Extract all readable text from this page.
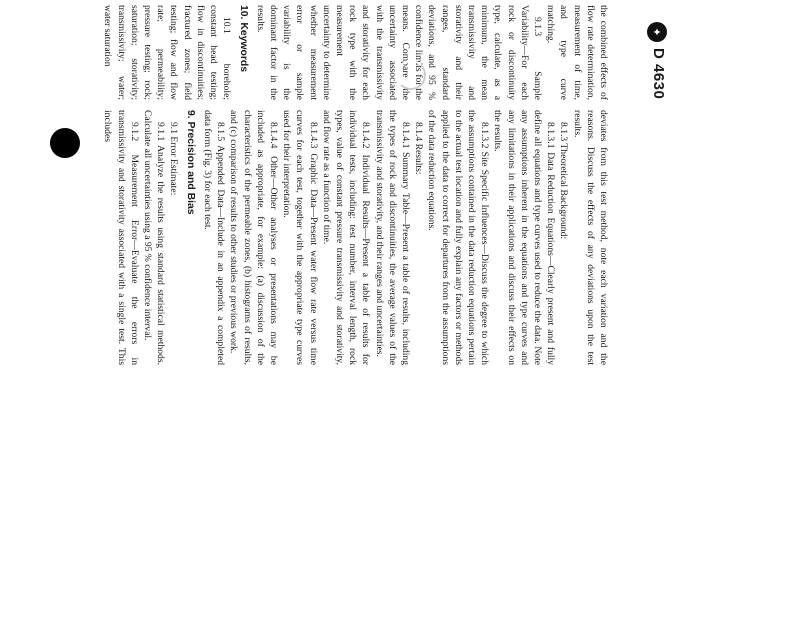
✦
D 4630

deviates from this test method, note each variation and the reasons. Discuss the effects of any deviations upon the test results.

8.1.3 Theoretical Background:

8.1.3.1 Data Reduction Equations—Clearly present and fully define all equations and type curves used to reduce the data. Note any assumptions inherent in the equations and type curves and any limitations in their applications and discuss their effects on the results.

8.1.3.2 Site Specific Influences—Discuss the degree to which the assumptions contained in the data reduction equations pertain to the actual test location and fully explain any factors or methods applied to the data to correct for departures from the assumptions of the data reduction equations.

8.1.4 Results:

8.1.4.1 Summary Table—Present a table of results, including the types of rock and discontinuities, the average values of the transmissivity and storativity, and their ranges and uncertainties.

8.1.4.2 Individual Results—Present a table of results for individual tests, including: test number, interval length, rock types, value of constant pressure transmissivity and storativity, and flow rate as a function of time.

8.1.4.3 Graphic Data—Present water flow rate versus time curves for each test, together with the appropriate type curves used for their interpretation.

8.1.4.4 Other—Other analyses or presentations may be included as appropriate, for example: (a) discussion of the characteristics of the permeable zones, (b) histograms of results, and (c) comparison of results to other studies or previous work.

8.1.5 Appended Data—Include in an appendix a completed data form (Fig. 3) for each test.

9. Precision and Bias

9.1 Error Estimate:

9.1.1 Analyze the results using standard statistical methods. Calculate all uncertainties using a 95 % confidence interval.

9.1.2 Measurement Error—Evaluate the errors in transmissivity and storativity associated with a single test. This includes

the combined effects of flow rate determination, measurement of time, and type curve matching.

9.1.3 Sample Variability—For each rock or discontinuity type, calculate, as a minimum, the mean transmissivity and storativity and their ranges, standard deviations, and 95 % confidence limits for the means. Compare the uncertainty associated with the transmissivity and storativity for each rock type with the measurement uncertainty to determine whether measurement error or sample variability is the dominant factor in the results.

10. Keywords

10.1 borehole; constant head testing; flow in discontinuities; fractured zones; field testing; flow and flow rate; permeability; pressure testing; rock; saturation; storativity; transmissivity; water; water saturation
